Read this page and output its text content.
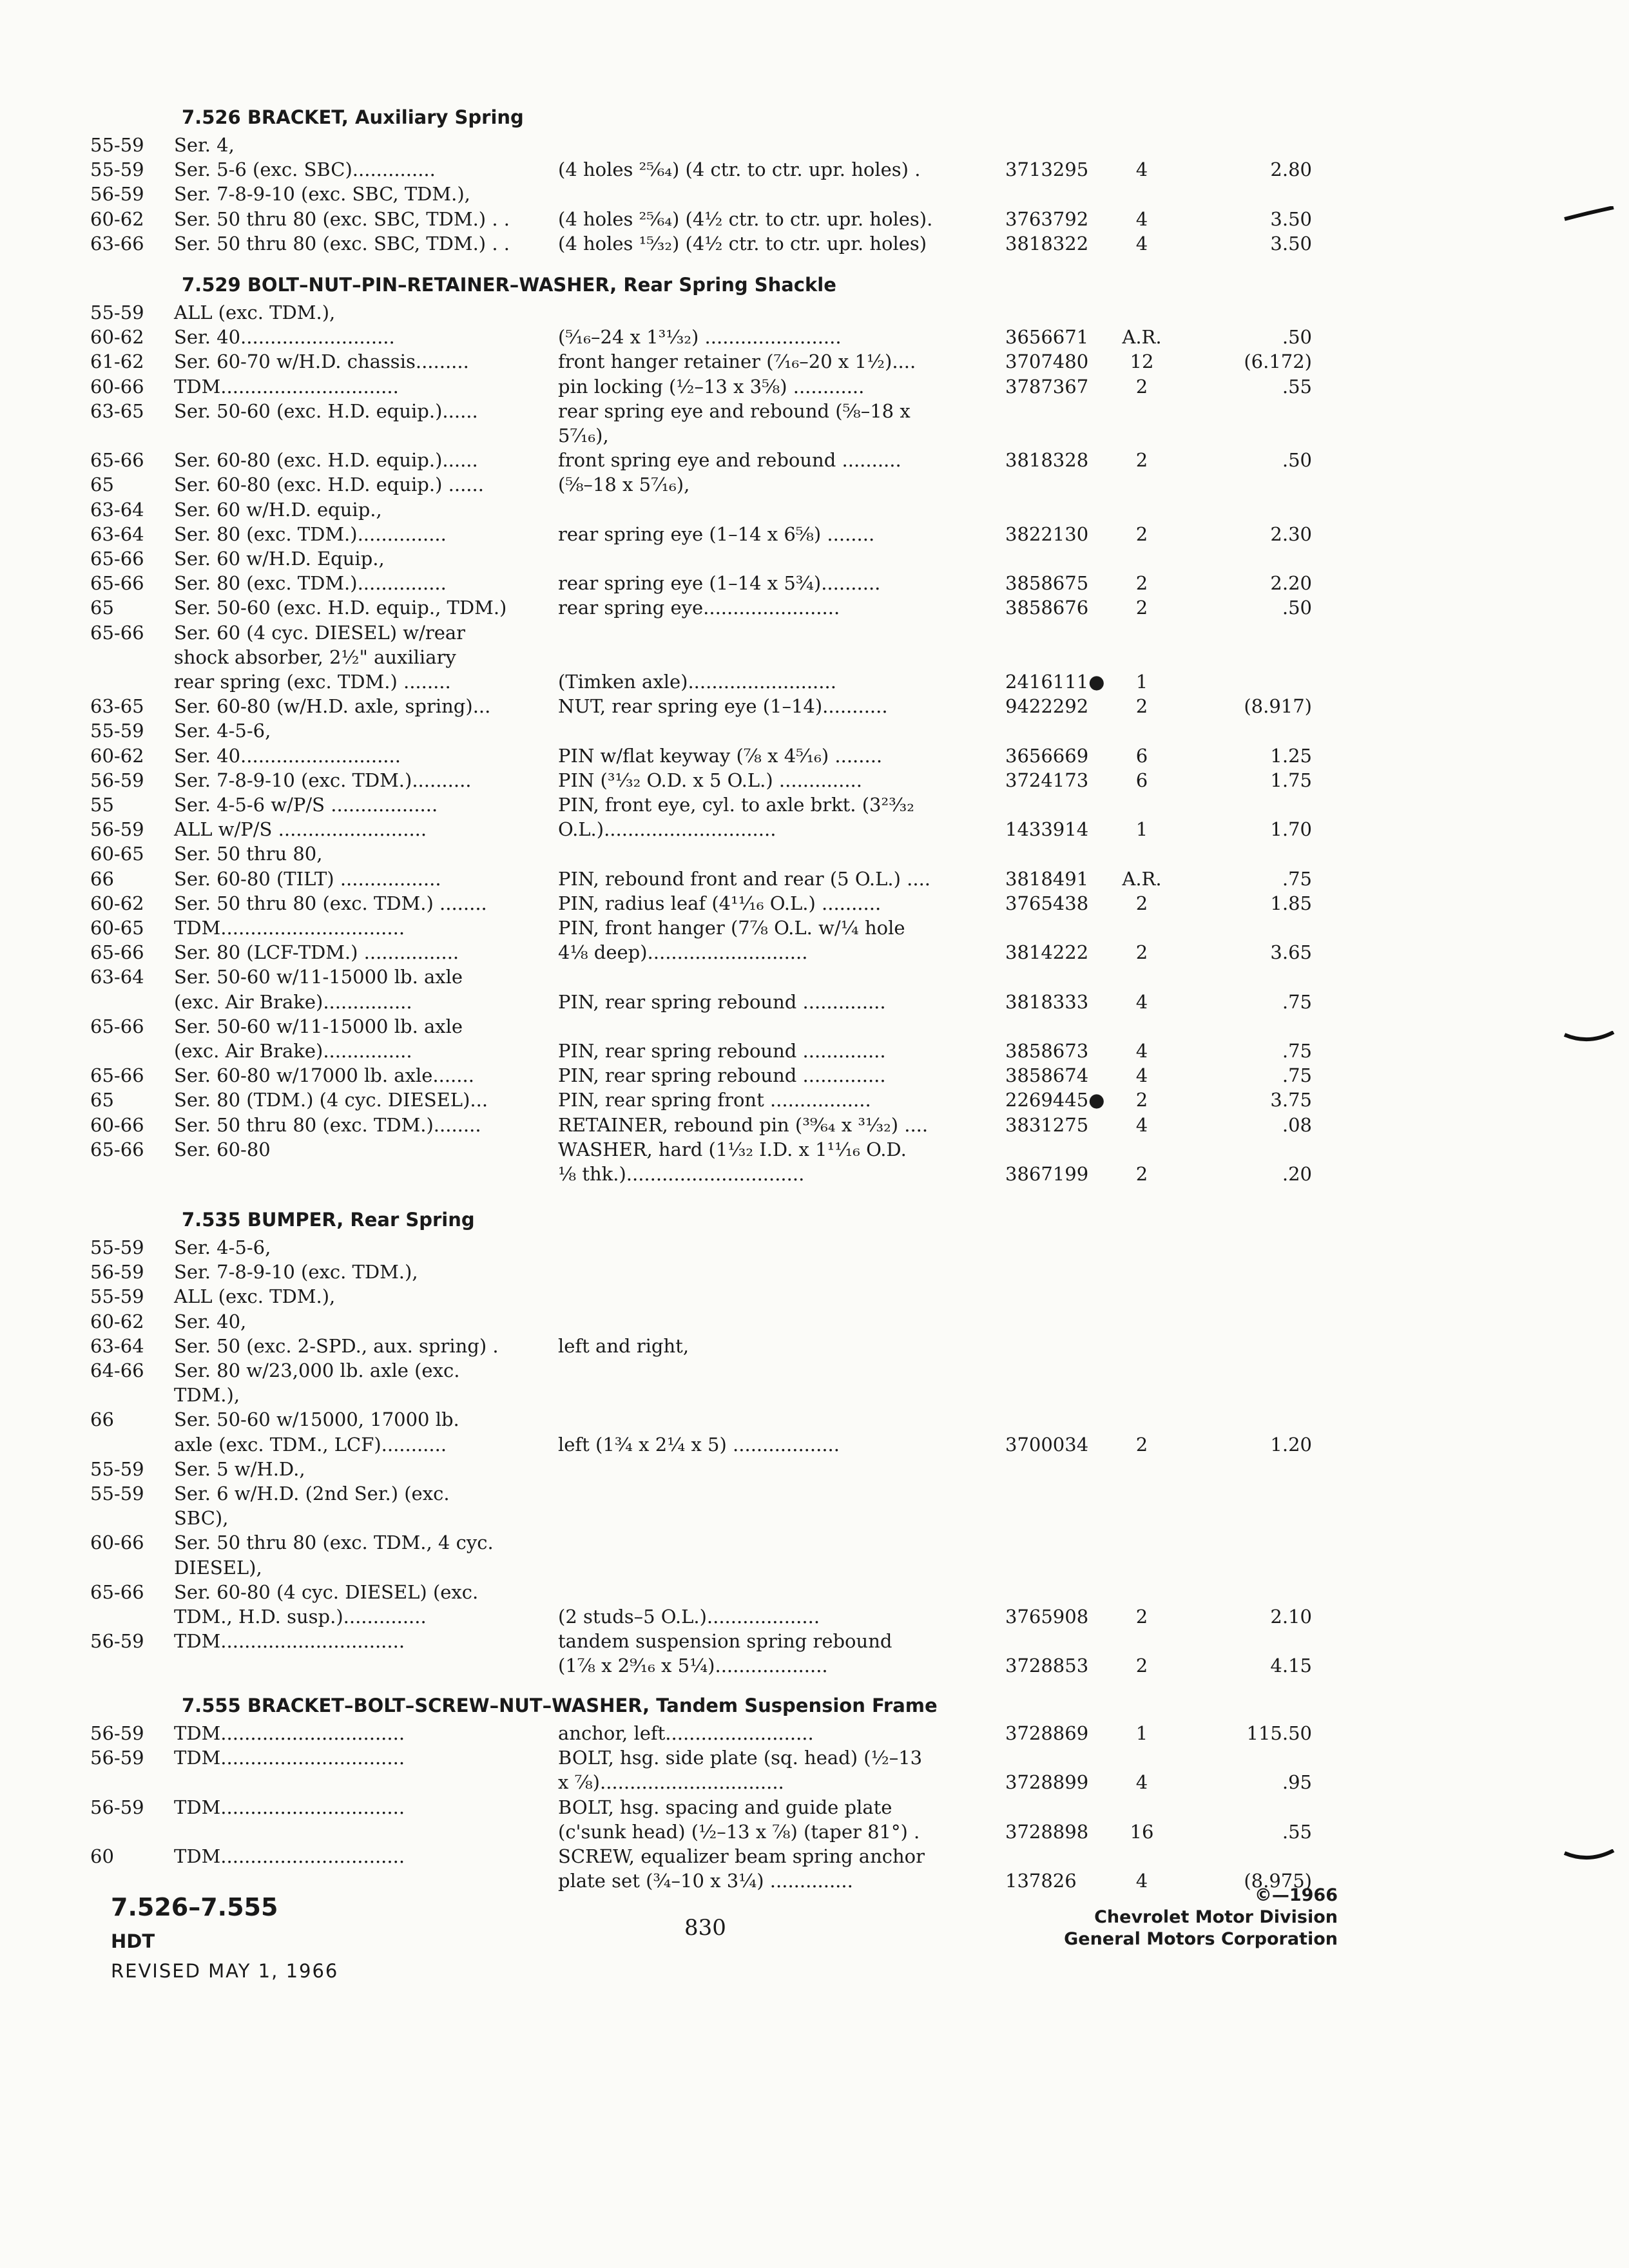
7.526 BRACKET, Auxiliary Spring
55-59 Ser. 4,
55-59 Ser. 5-6 (exc. SBC)..............	(4 holes ²⁵⁄₆₄) (4 ctr. to ctr. upr. holes) .	3713295	4	2.80
56-59 Ser. 7-8-9-10 (exc. SBC, TDM.),
60-62 Ser. 50 thru 80 (exc. SBC, TDM.) . .	(4 holes ²⁵⁄₆₄) (4½ ctr. to ctr. upr. holes).	3763792	4	3.50
63-66 Ser. 50 thru 80 (exc. SBC, TDM.) . .	(4 holes ¹⁵⁄₃₂) (4½ ctr. to ctr. upr. holes)	3818322	4	3.50
7.529 BOLT–NUT–PIN–RETAINER–WASHER, Rear Spring Shackle
55-59 ALL (exc. TDM.),
60-62 Ser. 40..........................	(⁵⁄₁₆–24 x 1³¹⁄₃₂) .......................	3656671	A.R.	.50
61-62 Ser. 60-70 w/H.D. chassis.........	front hanger retainer (⁷⁄₁₆–20 x 1½)....	3707480	12	(6.172)
60-66 TDM..............................	pin locking (½–13 x 3⅝) ............	3787367	2	.55
63-65 Ser. 50-60 (exc. H.D. equip.)......	rear spring eye and rebound (⅝–18 x
5⁷⁄₁₆),
65-66 Ser. 60-80 (exc. H.D. equip.)......	front spring eye and rebound ..........	3818328	2	.50
65	Ser. 60-80 (exc. H.D. equip.) ......	(⅝–18 x 5⁷⁄₁₆),
63-64 Ser. 60 w/H.D. equip.,
63-64 Ser. 80 (exc. TDM.)...............	rear spring eye (1–14 x 6⅝) ........	3822130	2	2.30
65-66 Ser. 60 w/H.D. Equip.,
65-66 Ser. 80 (exc. TDM.)...............	rear spring eye (1–14 x 5¾)..........	3858675	2	2.20
65	Ser. 50-60 (exc. H.D. equip., TDM.)	rear spring eye.......................	3858676	2	.50
65-66 Ser. 60 (4 cyc. DIESEL) w/rear
shock absorber, 2½" auxiliary
rear spring (exc. TDM.) ........	(Timken axle).........................	2416111●	1
63-65 Ser. 60-80 (w/H.D. axle, spring)...	NUT, rear spring eye (1–14)...........	9422292	2	(8.917)
55-59 Ser. 4-5-6,
60-62 Ser. 40...........................	PIN w/flat keyway (⅞ x 4⁵⁄₁₆) ........	3656669	6	1.25
56-59 Ser. 7-8-9-10 (exc. TDM.)..........	PIN (³¹⁄₃₂ O.D. x 5 O.L.) ..............	3724173	6	1.75
55	Ser. 4-5-6 w/P/S ..................	PIN, front eye, cyl. to axle brkt. (3²³⁄₃₂
56-59 ALL w/P/S .........................	O.L.).............................	1433914	1	1.70
60-65 Ser. 50 thru 80,
66	Ser. 60-80 (TILT) .................	PIN, rebound front and rear (5 O.L.) ....	3818491	A.R.	.75
60-62 Ser. 50 thru 80 (exc. TDM.) ........	PIN, radius leaf (4¹¹⁄₁₆ O.L.) ..........	3765438	2	1.85
60-65 TDM...............................	PIN, front hanger (7⅞ O.L. w/¼ hole
65-66 Ser. 80 (LCF-TDM.) ................	4⅛ deep)...........................	3814222	2	3.65
63-64 Ser. 50-60 w/11-15000 lb. axle
(exc. Air Brake)...............	PIN, rear spring rebound ..............	3818333	4	.75
65-66 Ser. 50-60 w/11-15000 lb. axle
(exc. Air Brake)...............	PIN, rear spring rebound ..............	3858673	4	.75
65-66 Ser. 60-80 w/17000 lb. axle.......	PIN, rear spring rebound ..............	3858674	4	.75
65	Ser. 80 (TDM.) (4 cyc. DIESEL)...	PIN, rear spring front .................	2269445●	2	3.75
60-66 Ser. 50 thru 80 (exc. TDM.)........	RETAINER, rebound pin (³⁹⁄₆₄ x ³¹⁄₃₂) ....	3831275	4	.08
65-66 Ser. 60-80	WASHER, hard (1¹⁄₃₂ I.D. x 1¹¹⁄₁₆ O.D.
⅛ thk.)..............................	3867199	2	.20
7.535 BUMPER, Rear Spring
55-59 Ser. 4-5-6,
56-59 Ser. 7-8-9-10 (exc. TDM.),
55-59 ALL (exc. TDM.),
60-62 Ser. 40,
63-64 Ser. 50 (exc. 2-SPD., aux. spring) .	left and right,
64-66 Ser. 80 w/23,000 lb. axle (exc.
TDM.),
66	Ser. 50-60 w/15000, 17000 lb.
axle (exc. TDM., LCF)...........	left (1¾ x 2¼ x 5) ..................	3700034	2	1.20
55-59 Ser. 5 w/H.D.,
55-59 Ser. 6 w/H.D. (2nd Ser.) (exc.
SBC),
60-66 Ser. 50 thru 80 (exc. TDM., 4 cyc.
DIESEL),
65-66 Ser. 60-80 (4 cyc. DIESEL) (exc.
TDM., H.D. susp.)..............	(2 studs–5 O.L.)...................	3765908	2	2.10
56-59 TDM...............................	tandem suspension spring rebound
(1⅞ x 2⁹⁄₁₆ x 5¼)...................	3728853	2	4.15
7.555 BRACKET–BOLT–SCREW–NUT–WASHER, Tandem Suspension Frame
56-59 TDM...............................	anchor, left.........................	3728869	1	115.50
56-59 TDM...............................	BOLT, hsg. side plate (sq. head) (½–13
x ⅞)...............................	3728899	4	.95
56-59 TDM...............................	BOLT, hsg. spacing and guide plate
(c'sunk head) (½–13 x ⅞) (taper 81°) .	3728898	16	.55
60	TDM...............................	SCREW, equalizer beam spring anchor
plate set (¾–10 x 3¼) ..............	137826	4	(8.975)
7.526–7.555
HDT
REVISED MAY 1, 1966
830
©—1966
Chevrolet Motor Division
General Motors Corporation
